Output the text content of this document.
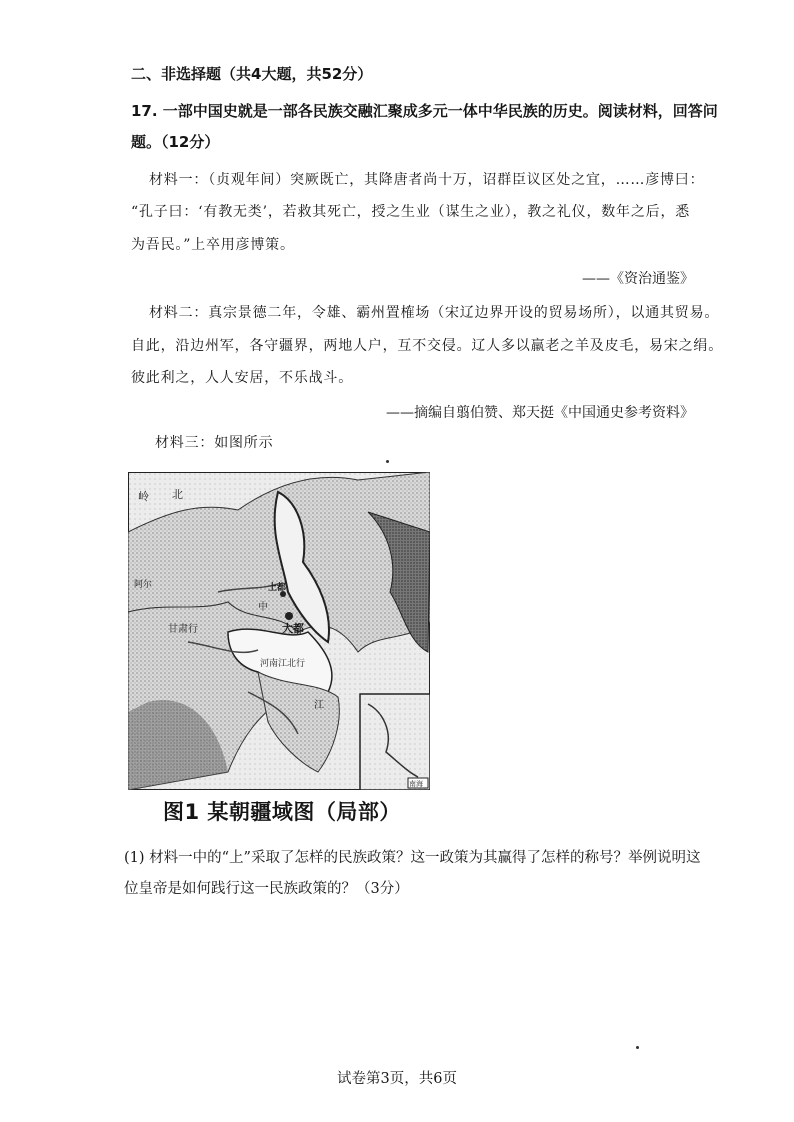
二、非选择题（共4大题，共52分）
17. 一部中国史就是一部各民族交融汇聚成多元一体中华民族的历史。阅读材料，回答问
题。（12分）
材料一：（贞观年间）突厥既亡，其降唐者尚十万，诏群臣议区处之宜，……彦博曰：
“孔子曰：‘有教无类’，若救其死亡，授之生业（谋生之业），教之礼仪，数年之后，悉
为吾民。”上卒用彦博策。
——《资治通鉴》
材料二：真宗景德二年，令雄、霸州置榷场（宋辽边界开设的贸易场所），以通其贸易。
自此，沿边州军，各守疆界，两地人户，互不交侵。辽人多以羸老之羊及皮毛，易宋之绢。
彼此利之，人人安居，不乐战斗。
——摘编自翦伯赞、郑天挺《中国通史参考资料》
材料三：如图所示
岭 北
阿尔	上都
大都
中
甘肃行
河南江北行
江
南海
图1 某朝疆域图（局部）
(1) 材料一中的“上”采取了怎样的民族政策？这一政策为其赢得了怎样的称号？举例说明这
位皇帝是如何践行这一民族政策的？（3分）
试卷第3页，共6页
